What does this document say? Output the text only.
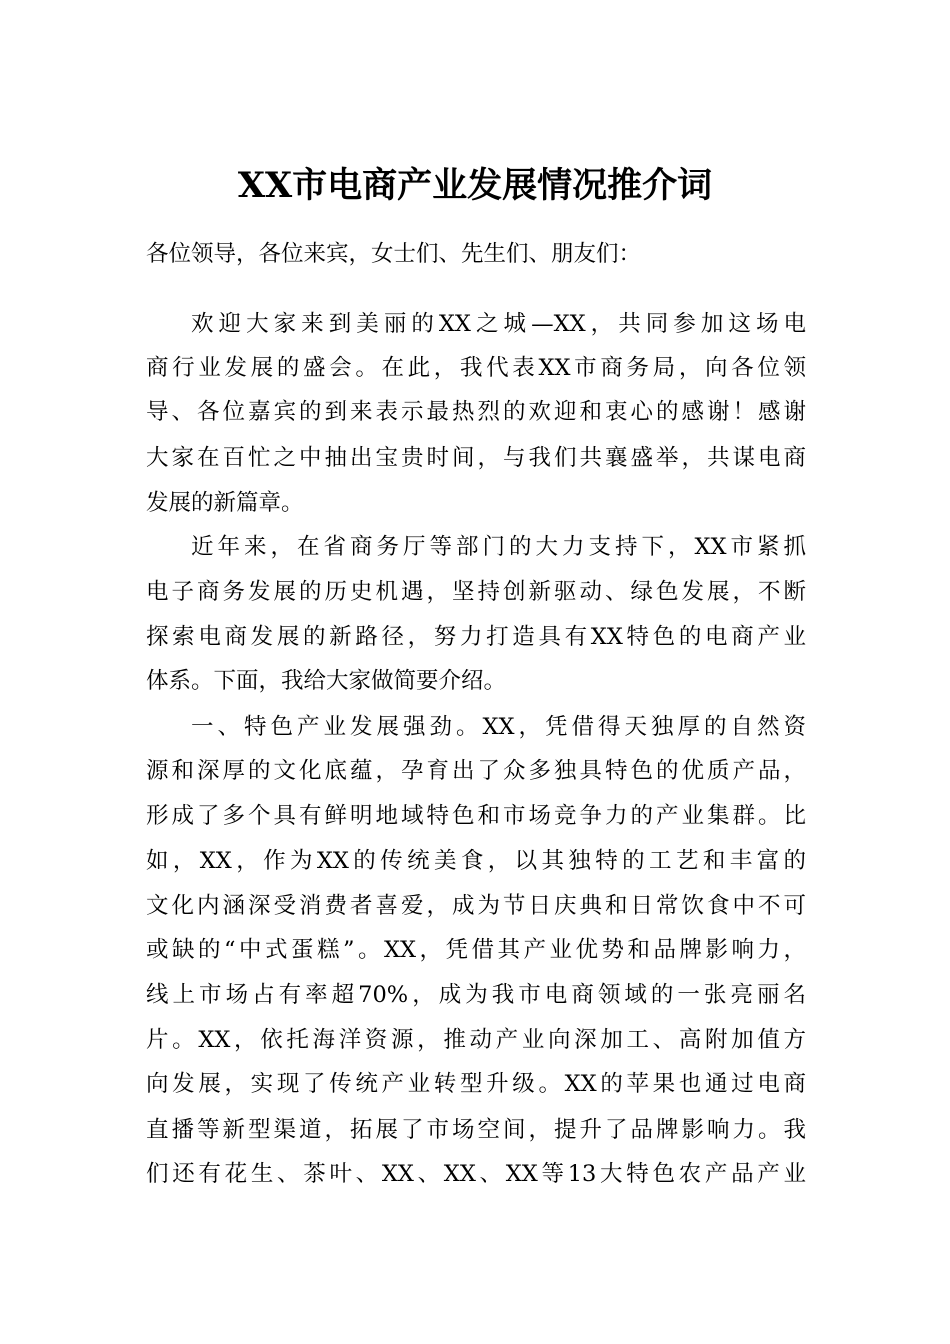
XX市电商产业发展情况推介词
各位领导，各位来宾，女士们、先生们、朋友们：
欢迎大家来到美丽的XX之城—XX，共同参加这场电
商行业发展的盛会。在此，我代表XX市商务局，向各位领
导、各位嘉宾的到来表示最热烈的欢迎和衷心的感谢！感谢
大家在百忙之中抽出宝贵时间，与我们共襄盛举，共谋电商
发展的新篇章。
近年来，在省商务厅等部门的大力支持下，XX市紧抓
电子商务发展的历史机遇，坚持创新驱动、绿色发展，不断
探索电商发展的新路径，努力打造具有XX特色的电商产业
体系。下面，我给大家做简要介绍。
一、特色产业发展强劲。XX，凭借得天独厚的自然资
源和深厚的文化底蕴，孕育出了众多独具特色的优质产品，
形成了多个具有鲜明地域特色和市场竞争力的产业集群。比
如，XX，作为XX的传统美食，以其独特的工艺和丰富的
文化内涵深受消费者喜爱，成为节日庆典和日常饮食中不可
或缺的“中式蛋糕”。XX，凭借其产业优势和品牌影响力，
线上市场占有率超70%，成为我市电商领域的一张亮丽名
片。XX，依托海洋资源，推动产业向深加工、高附加值方
向发展，实现了传统产业转型升级。XX的苹果也通过电商
直播等新型渠道，拓展了市场空间，提升了品牌影响力。我
们还有花生、茶叶、XX、XX、XX等13大特色农产品产业
